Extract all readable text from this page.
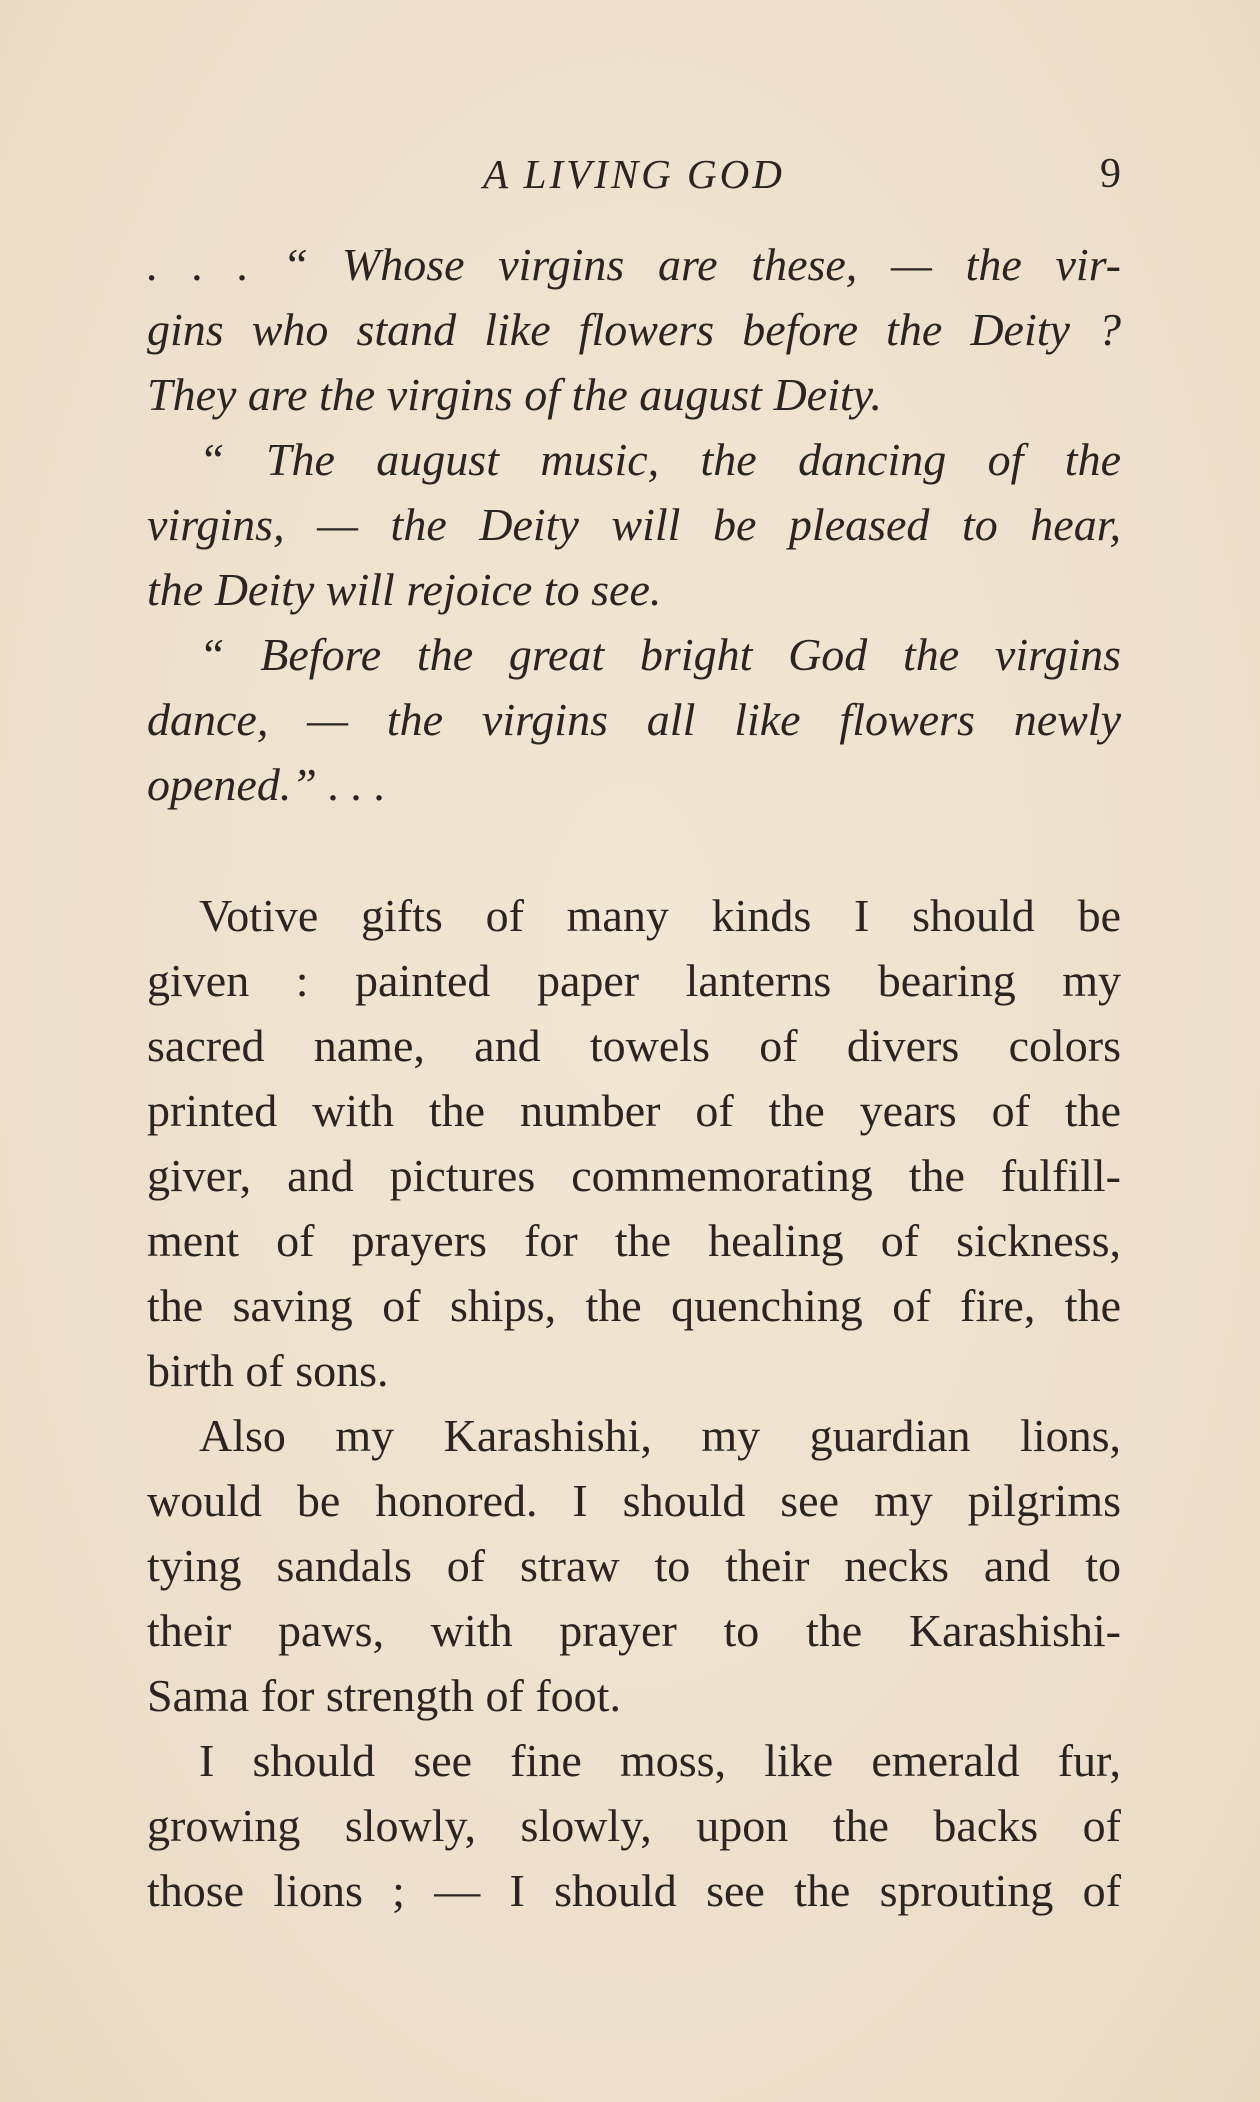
A LIVING GOD	9
. . . “ Whose virgins are these, — the vir-
gins who stand like flowers before the Deity ?
They are the virgins of the august Deity.
“ The august music, the dancing of the
virgins, — the Deity will be pleased to hear,
the Deity will rejoice to see.
“ Before the great bright God the virgins
dance, — the virgins all like flowers newly
opened.” . . .
Votive gifts of many kinds I should be
given : painted paper lanterns bearing my
sacred name, and towels of divers colors
printed with the number of the years of the
giver, and pictures commemorating the fulfill-
ment of prayers for the healing of sickness,
the saving of ships, the quenching of fire, the
birth of sons.
Also my Karashishi, my guardian lions,
would be honored. I should see my pilgrims
tying sandals of straw to their necks and to
their paws, with prayer to the Karashishi-
Sama for strength of foot.
I should see fine moss, like emerald fur,
growing slowly, slowly, upon the backs of
those lions ; — I should see the sprouting of
